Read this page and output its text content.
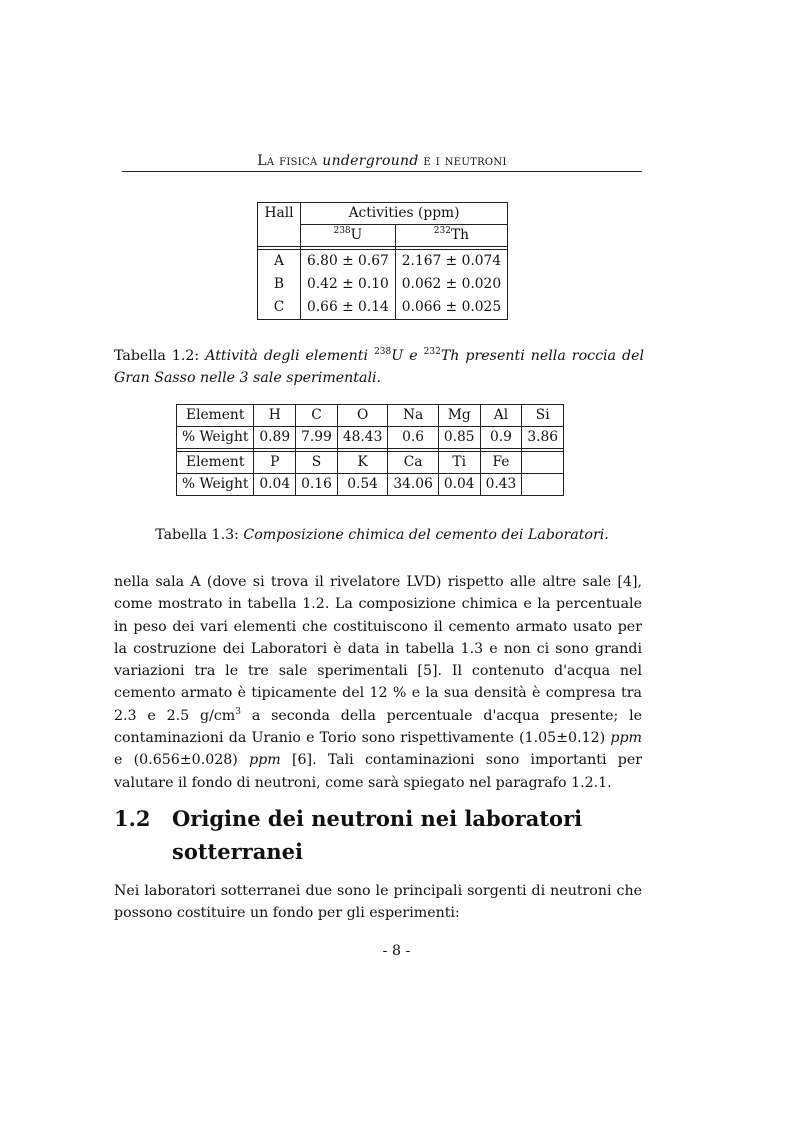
La fisica underground e i neutroni
Hall	Activities (ppm)	
	$^{238}$U	$^{232}$Th

A	6.80 ± 0.67	2.167 ± 0.074
B	0.42 ± 0.10	0.062 ± 0.020
C	0.66 ± 0.14	0.066 ± 0.025
Tabella 1.2: Attività degli elementi $^{238}$U e $^{232}$Th presenti nella roccia del Gran Sasso nelle 3 sale sperimentali.
Element	H	C	O	Na	Mg	Al	Si
% Weight	0.89	7.99	48.43	0.6	0.85	0.9	3.86

Element	P	S	K	Ca	Ti	Fe	
% Weight	0.04	0.16	0.54	34.06	0.04	0.43	
Tabella 1.3: Composizione chimica del cemento dei Laboratori.
nella sala A (dove si trova il rivelatore LVD) rispetto alle altre sale [4], come mostrato in tabella 1.2. La composizione chimica e la percentuale in peso dei vari elementi che costituiscono il cemento armato usato per la costruzione dei Laboratori è data in tabella 1.3 e non ci sono grandi variazioni tra le tre sale sperimentali [5]. Il contenuto d'acqua nel cemento armato è tipicamente del 12 % e la sua densità è compresa tra 2.3 e 2.5 $g/cm^3$ a seconda della percentuale d'acqua presente; le contaminazioni da Uranio e Torio sono rispettivamente (1.05±0.12) ppm e (0.656±0.028) ppm [6]. Tali contaminazioni sono importanti per valutare il fondo di neutroni, come sarà spiegato nel paragrafo 1.2.1.
1.2 Origine dei neutroni nei laboratori sotterranei
Nei laboratori sotterranei due sono le principali sorgenti di neutroni che possono costituire un fondo per gli esperimenti:
- 8 -
